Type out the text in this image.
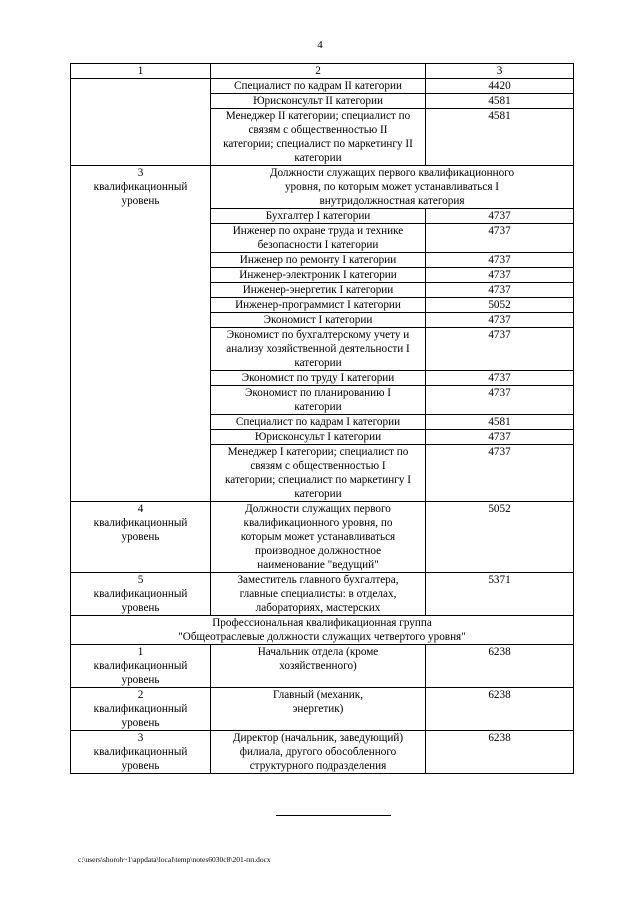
4
1	2	3
	Специалист по кадрам II категории	4420
	Юрисконсульт II категории	4581
	Менеджер II категории; специалист по связям с общественностью II категории; специалист по маркетингу II категории	4581
3 квалификационный уровень	Должности служащих первого квалификационного уровня, по которым может устанавливаться I внутридолжностная категория	
	Бухгалтер I категории	4737
	Инженер по охране труда и технике безопасности I категории	4737
	Инженер по ремонту I категории	4737
	Инженер-электроник I категории	4737
	Инженер-энергетик I категории	4737
	Инженер-программист I категории	5052
	Экономист I категории	4737
	Экономист по бухгалтерскому учету и анализу хозяйственной деятельности I категории	4737
	Экономист по труду I категории	4737
	Экономист по планированию I категории	4737
	Специалист по кадрам I категории	4581
	Юрисконсульт I категории	4737
	Менеджер I категории; специалист по связям с общественностью I категории; специалист по маркетингу I категории	4737
4 квалификационный уровень	Должности служащих первого квалификационного уровня, по которым может устанавливаться производное должностное наименование "ведущий"	5052
5 квалификационный уровень	Заместитель главного бухгалтера, главные специалисты: в отделах, лабораториях, мастерских	5371

Профессиональная квалификационная группа
"Общеотраслевые должности служащих четвертого уровня"		

1 квалификационный уровень	Начальник отдела (кроме хозяйственного)	6238
2 квалификационный уровень	Главный (механик, энергетик)	6238
3 квалификационный уровень	Директор (начальник, заведующий) филиала, другого обособленного структурного подразделения	6238
c:\users\shoroh~1\appdata\local\temp\notes6030c8\201-пп.docx
